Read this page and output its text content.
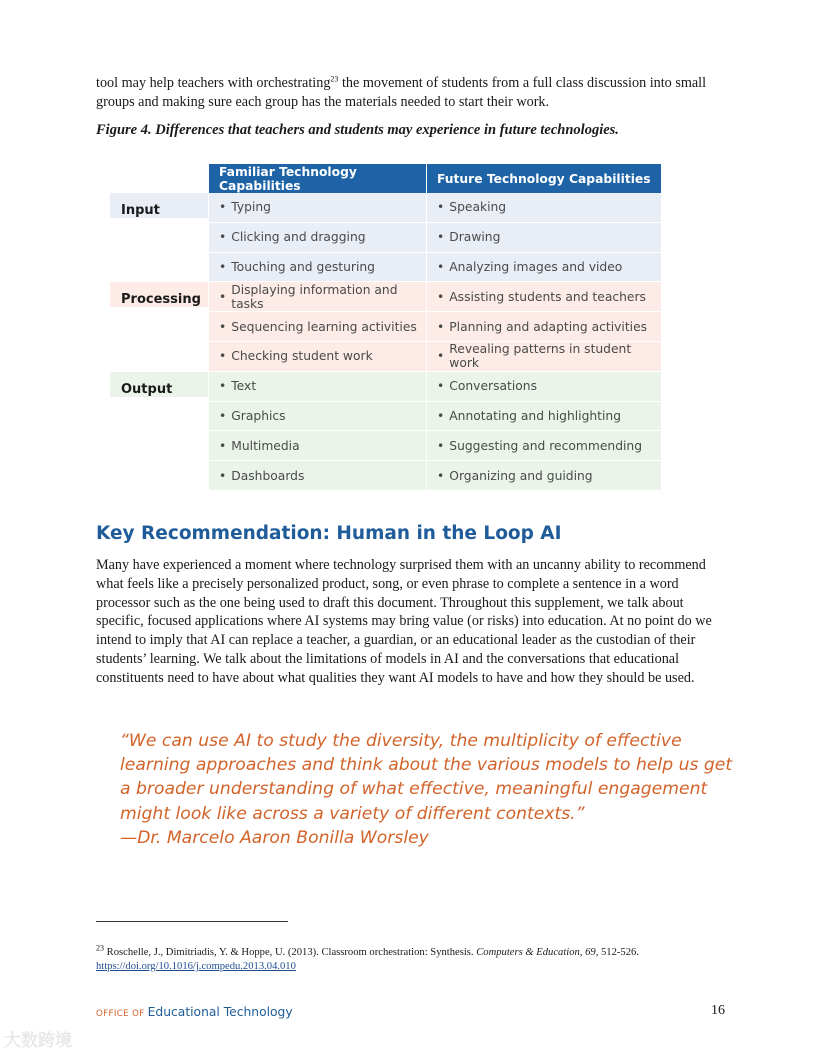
tool may help teachers with orchestrating$^{23}$ the movement of students from a full class discussion into small groups and making sure each group has the materials needed to start their work.
Figure 4. Differences that teachers and students may experience in future technologies.
Familiar Technology Capabilities	Future Technology Capabilities
Input	• Typing	• Speaking
• Clicking and dragging	• Drawing
• Touching and gesturing	• Analyzing images and video
Processing	• Displaying information and tasks	• Assisting students and teachers
• Sequencing learning activities • Planning and adapting activities
• Checking student work	• Revealing patterns in student work
Output	• Text	• Conversations
• Graphics	• Annotating and highlighting
• Multimedia	• Suggesting and recommending
• Dashboards	• Organizing and guiding
Key Recommendation: Human in the Loop AI
Many have experienced a moment where technology surprised them with an uncanny ability to recommend what feels like a precisely personalized product, song, or even phrase to complete a sentence in a word processor such as the one being used to draft this document. Throughout this supplement, we talk about specific, focused applications where AI systems may bring value (or risks) into education. At no point do we intend to imply that AI can replace a teacher, a guardian, or an educational leader as the custodian of their students’ learning. We talk about the limitations of models in AI and the conversations that educational constituents need to have about what qualities they want AI models to have and how they should be used.
“We can use AI to study the diversity, the multiplicity of effective learning approaches and think about the various models to help us get a broader understanding of what effective, meaningful engagement might look like across a variety of different contexts.”
—Dr. Marcelo Aaron Bonilla Worsley
$^{23}$ Roschelle, J., Dimitriadis, Y. & Hoppe, U. (2013). Classroom orchestration: Synthesis. Computers & Education, 69, 512-526.
https://doi.org/10.1016/j.compedu.2013.04.010
OFFICE OF Educational Technology	16
大数跨境
